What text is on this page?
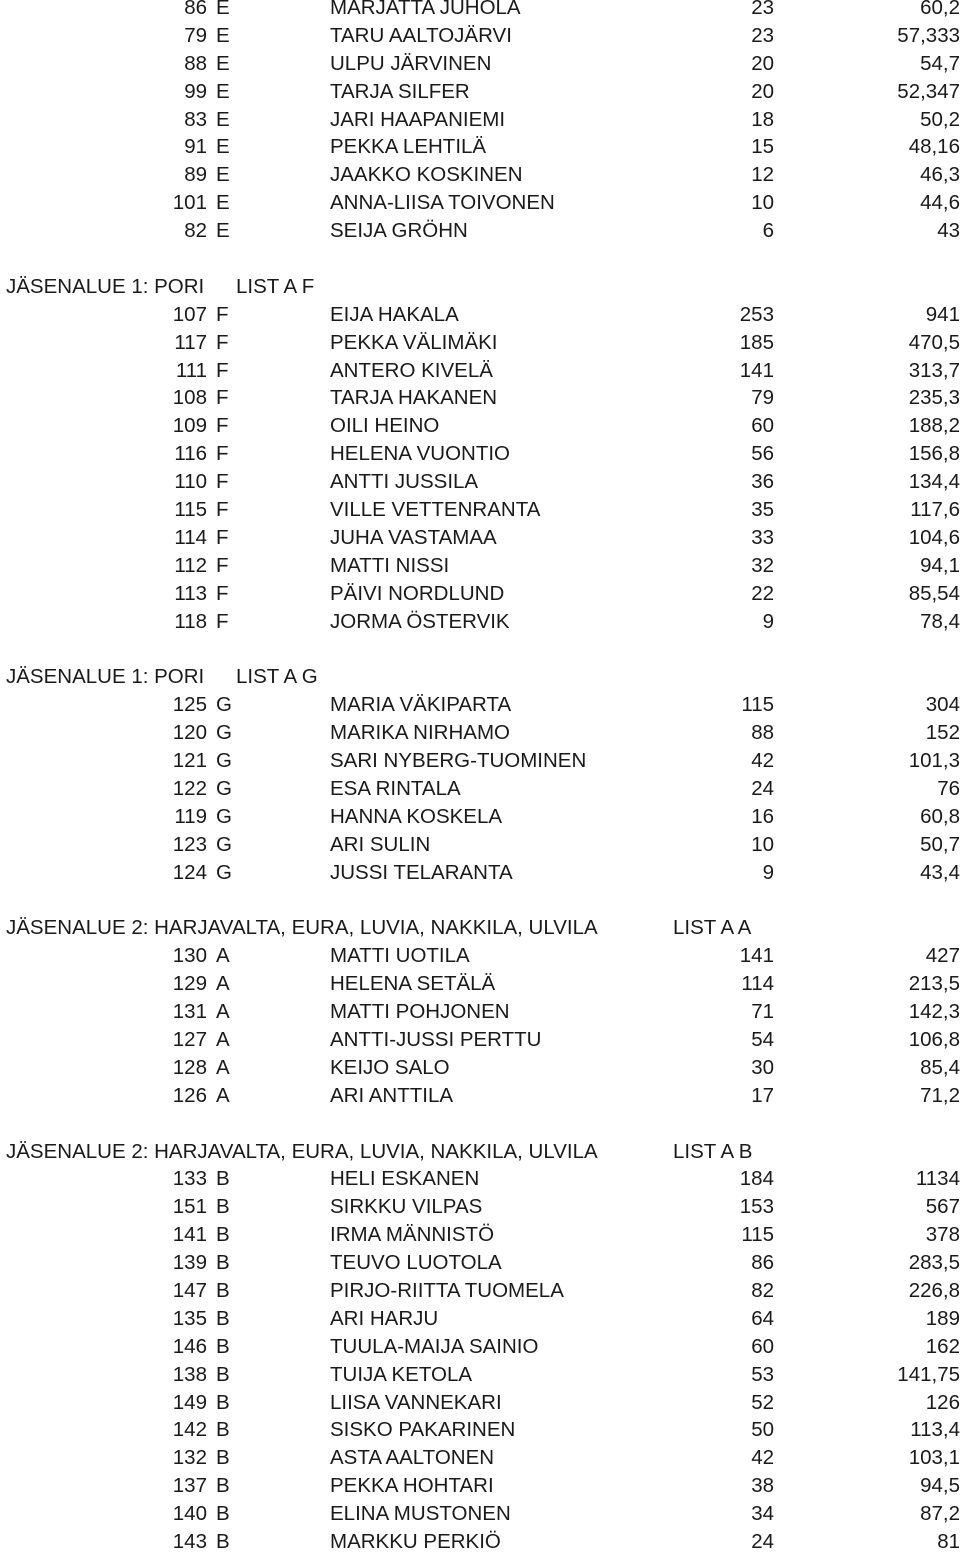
86 E	MARJATTA JUHOLA	23	60,2
79 E	TARU AALTOJÄRVI	23	57,333
88 E	ULPU JÄRVINEN	20	54,7
99 E	TARJA SILFER	20	52,347
83 E	JARI HAAPANIEMI	18	50,2
91 E	PEKKA LEHTILÄ	15	48,16
89 E	JAAKKO KOSKINEN	12	46,3
101 E	ANNA-LIISA TOIVONEN	10	44,6
82 E	SEIJA GRÖHN	6	43
JÄSENALUE 1: PORI LIST A F
107 F	EIJA HAKALA	253	941
117 F	PEKKA VÄLIMÄKI	185	470,5
111 F	ANTERO KIVELÄ	141	313,7
108 F	TARJA HAKANEN	79	235,3
109 F	OILI HEINO	60	188,2
116 F	HELENA VUONTIO	56	156,8
110 F	ANTTI JUSSILA	36	134,4
115 F	VILLE VETTENRANTA	35	117,6
114 F	JUHA VASTAMAA	33	104,6
112 F	MATTI NISSI	32	94,1
113 F	PÄIVI NORDLUND	22	85,54
118 F	JORMA ÖSTERVIK	9	78,4
JÄSENALUE 1: PORI LIST A G
125 G	MARIA VÄKIPARTA	115	304
120 G	MARIKA NIRHAMO	88	152
121 G	SARI NYBERG-TUOMINEN	42	101,3
122 G	ESA RINTALA	24	76
119 G	HANNA KOSKELA	16	60,8
123 G	ARI SULIN	10	50,7
124 G	JUSSI TELARANTA	9	43,4
JÄSENALUE 2: HARJAVALTA, EURA, LUVIA, NAKKILA, ULVILA	LIST A A
130 A	MATTI UOTILA	141	427
129 A	HELENA SETÄLÄ	114	213,5
131 A	MATTI POHJONEN	71	142,3
127 A	ANTTI-JUSSI PERTTU	54	106,8
128 A	KEIJO SALO	30	85,4
126 A	ARI ANTTILA	17	71,2
JÄSENALUE 2: HARJAVALTA, EURA, LUVIA, NAKKILA, ULVILA	LIST A B
133 B	HELI ESKANEN	184	1134
151 B	SIRKKU VILPAS	153	567
141 B	IRMA MÄNNISTÖ	115	378
139 B	TEUVO LUOTOLA	86	283,5
147 B	PIRJO-RIITTA TUOMELA	82	226,8
135 B	ARI HARJU	64	189
146 B	TUULA-MAIJA SAINIO	60	162
138 B	TUIJA KETOLA	53	141,75
149 B	LIISA VANNEKARI	52	126
142 B	SISKO PAKARINEN	50	113,4
132 B	ASTA AALTONEN	42	103,1
137 B	PEKKA HOHTARI	38	94,5
140 B	ELINA MUSTONEN	34	87,2
143 B	MARKKU PERKIÖ	24	81
